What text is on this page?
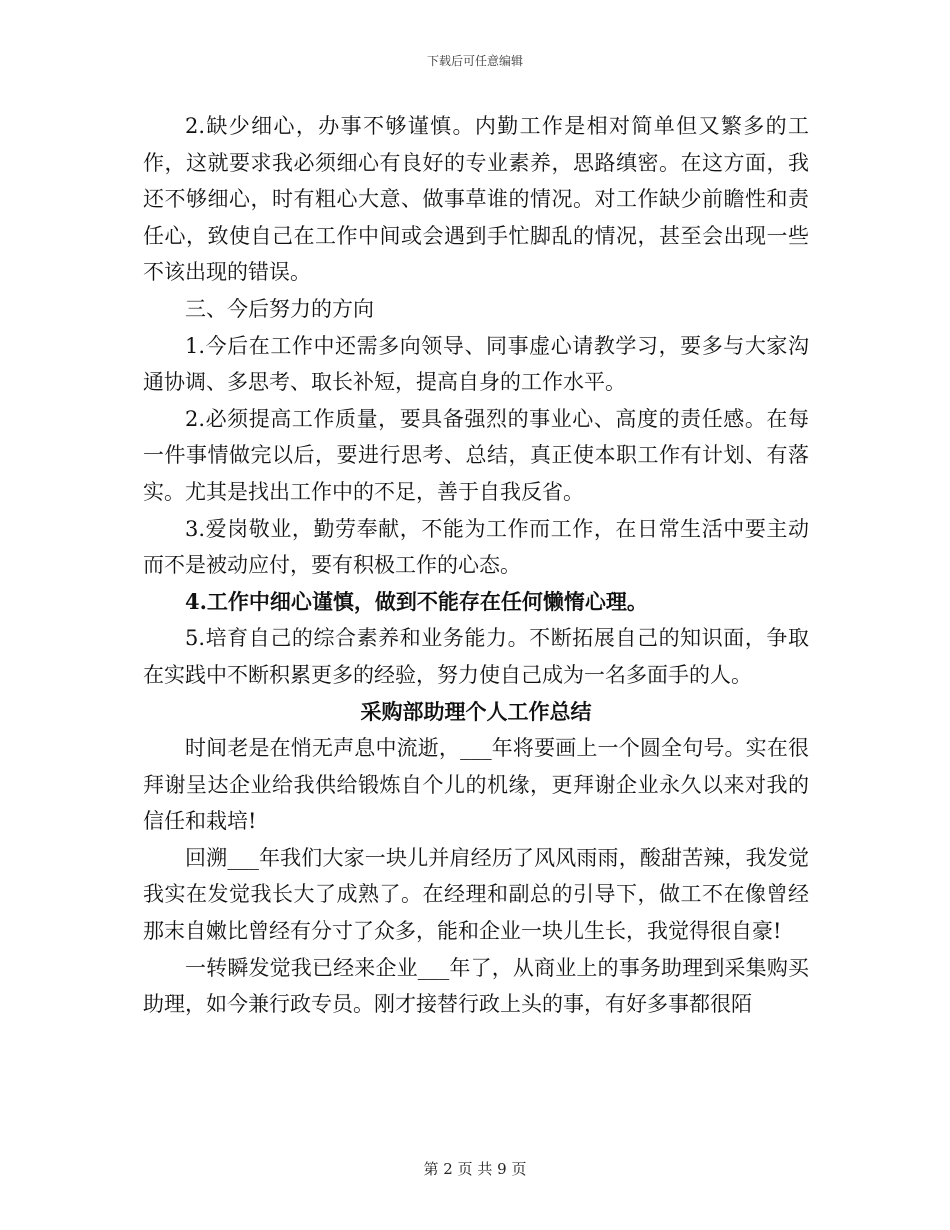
下载后可任意编辑

2.缺少细心，办事不够谨慎。内勤工作是相对简单但又繁多的工作，这就要求我必须细心有良好的专业素养，思路缜密。在这方面，我还不够细心，时有粗心大意、做事草谁的情况。对工作缺少前瞻性和责任心，致使自己在工作中间或会遇到手忙脚乱的情况，甚至会出现一些不该出现的错误。

三、今后努力的方向

1.今后在工作中还需多向领导、同事虚心请教学习，要多与大家沟通协调、多思考、取长补短，提高自身的工作水平。

2.必须提高工作质量，要具备强烈的事业心、高度的责任感。在每一件事情做完以后，要进行思考、总结，真正使本职工作有计划、有落实。尤其是找出工作中的不足，善于自我反省。

3.爱岗敬业，勤劳奉献，不能为工作而工作，在日常生活中要主动而不是被动应付，要有积极工作的心态。

4.工作中细心谨慎，做到不能存在任何懒惰心理。

5.培育自己的综合素养和业务能力。不断拓展自己的知识面，争取在实践中不断积累更多的经验，努力使自己成为一名多面手的人。

采购部助理个人工作总结

时间老是在悄无声息中流逝，___年将要画上一个圆全句号。实在很拜谢呈达企业给我供给锻炼自个儿的机缘，更拜谢企业永久以来对我的信任和栽培!

回溯___年我们大家一块儿并肩经历了风风雨雨，酸甜苦辣，我发觉我实在发觉我长大了成熟了。在经理和副总的引导下，做工不在像曾经那末自嫩比曾经有分寸了众多，能和企业一块儿生长，我觉得很自豪!

一转瞬发觉我已经来企业___年了，从商业上的事务助理到采集购买助理，如今兼行政专员。刚才接替行政上头的事，有好多事都很陌

第 2 页 共 9 页
